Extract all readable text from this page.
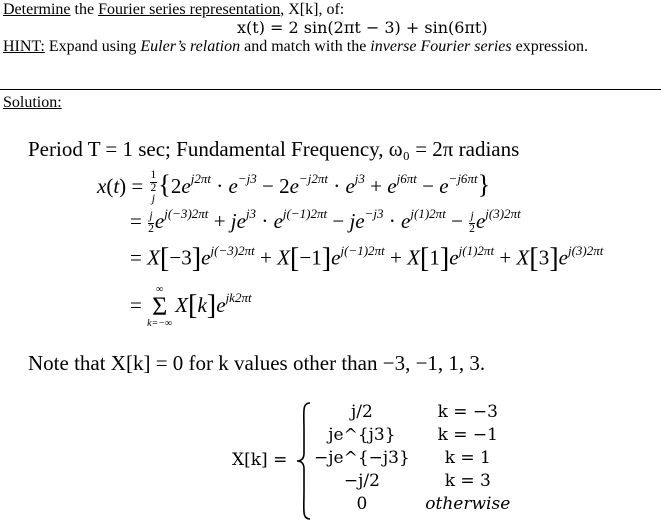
Determine the Fourier series representation, X[k], of:
x(t) = 2 sin(2πt − 3) + sin(6πt)
HINT: Expand using Euler’s relation and match with the inverse Fourier series expression.
Solution:
Period T = 1 sec; Fundamental Frequency, ω₀ = 2π radians
x(t) = 1
2
j $\{2e^{j2\pi t} \cdot e^{-j3} - 2e^{-j2\pi t} \cdot e^{j3} + e^{j6\pi t} - e^{-j6\pi t}\}$
= $\frac{j}{2} e^{j(-3)2\pi t} + je^{j3} \cdot e^{j(-1)2\pi t} - je^{-j3} \cdot e^{j(1)2\pi t} - \frac{j}{2} e^{j(3)2\pi t}$
= $X[-3]e^{j(-3)2\pi t} + X[-1]e^{j(-1)2\pi t} + X[1]e^{j(1)2\pi t} + X[3]e^{j(3)2\pi t}$
=
∞
Σ
k=−∞
$X[k]e^{jk2\pi t}$
Note that X[k] = 0 for k values other than −3, −1, 1, 3.
X[k] =
j/2	k = −3
je^{j3}	k = −1
−je^{−j3}	k = 1
−j/2	k = 3
0	otherwise
